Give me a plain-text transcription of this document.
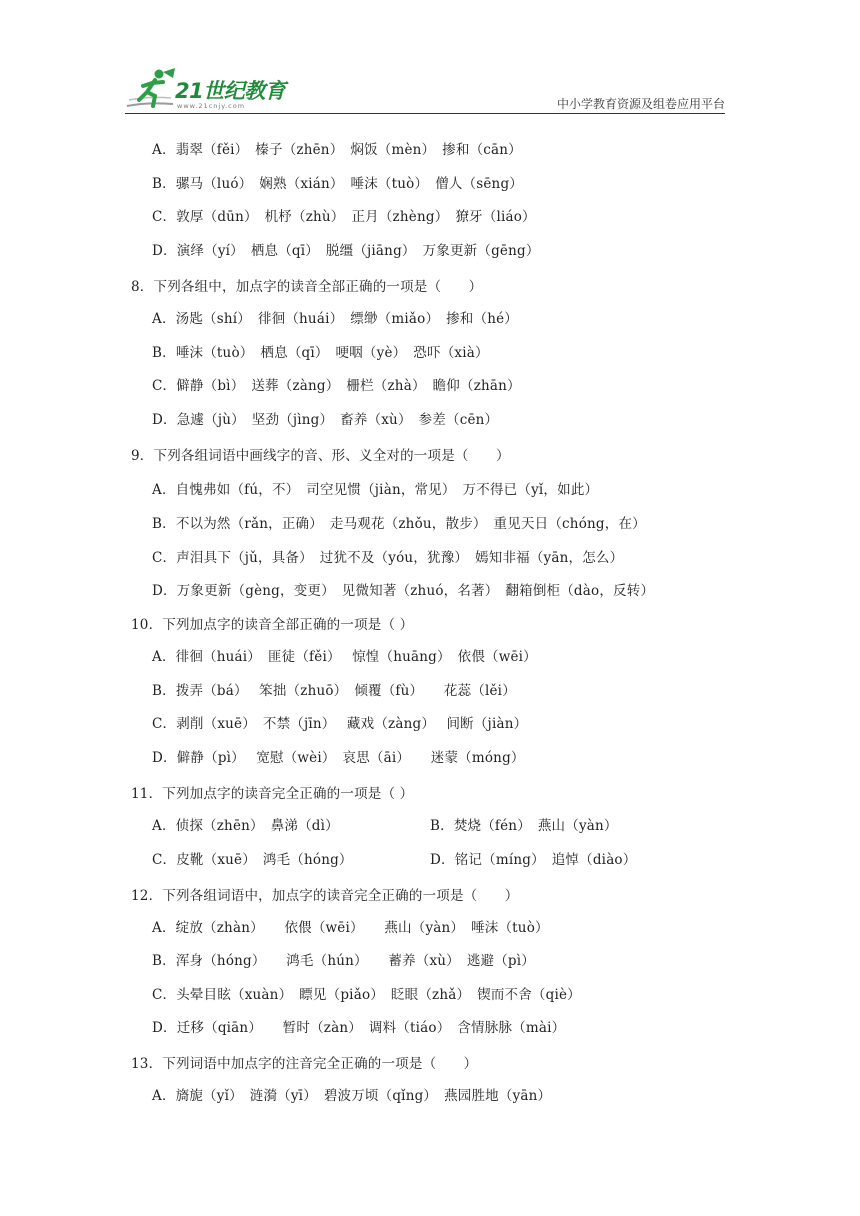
21世纪教育
www.21cnjy.com	中小学教育资源及组卷应用平台
A．翡翠（fěi）　榛子（zhēn）　焖饭（mèn）　掺和（cān）
B．骡马（luó）　娴熟（xián）　唾沫（tuò）　僧人（sēng）
C．敦厚（dūn）　机杼（zhù）　正月（zhèng）　獠牙（liáo）
D．演绎（yí）　栖息（qī）　脱缰（jiāng）　万象更新（gēng）
8．下列各组中，加点字的读音全部正确的一项是（　　）
A．汤匙（shí）　徘徊（huái）　缥缈（miǎo）　掺和（hé）
B．唾沫（tuò）　栖息（qī）　哽咽（yè）　恐吓（xià）
C．僻静（bì）　送葬（zàng）　栅栏（zhà）　瞻仰（zhān）
D．急遽（jù）　坚劲（jìng）　畜养（xù）　参差（cēn）
9．下列各组词语中画线字的音、形、义全对的一项是（　　）
A．自愧弗如（fú，不）　司空见惯（jiàn，常见）　万不得已（yǐ，如此）
B．不以为然（rǎn，正确）　走马观花（zhǒu，散步）　重见天日（chóng，在）
C．声泪具下（jǔ，具备）　过犹不及（yóu，犹豫）　嫣知非福（yān，怎么）
D．万象更新（gèng，变更）　见微知著（zhuó，名著）　翻箱倒柜（dào，反转）
10．下列加点字的读音全部正确的一项是（ ）
A．徘徊（huái）　匪徒（fěi）　 惊惶（huāng）　依偎（wēi）
B．拨弄（bá）　 笨拙（zhuō）　倾覆（fù）　　花蕊（lěi）
C．剥削（xuē）　不禁（jīn）　 藏戏（zàng）　 间断（jiàn）
D．僻静（pì）　 宽慰（wèi）　哀思（āi）　　迷蒙（móng）
11．下列加点字的读音完全正确的一项是（ ）
A．侦探（zhēn）　鼻涕（dì）	B．焚烧（fén）　燕山（yàn）
C．皮靴（xuē）　鸿毛（hóng）	D．铭记（míng）　追悼（diào）
12．下列各组词语中，加点字的读音完全正确的一项是（　　）
A．绽放（zhàn）　　依偎（wēi）　　燕山（yàn）　唾沫（tuò）
B．浑身（hóng）　　鸿毛（hún）　　蓄养（xù）　逃避（pì）
C．头晕目眩（xuàn）　瞟见（piǎo）　眨眼（zhǎ）　锲而不舍（qiè）
D．迁移（qiān）　　暂时（zàn）　调料（tiáo）　含情脉脉（mài）
13．下列词语中加点字的注音完全正确的一项是（　　）
A．旖旎（yǐ）　涟漪（yī）　碧波万顷（qǐng）　燕园胜地（yān）
